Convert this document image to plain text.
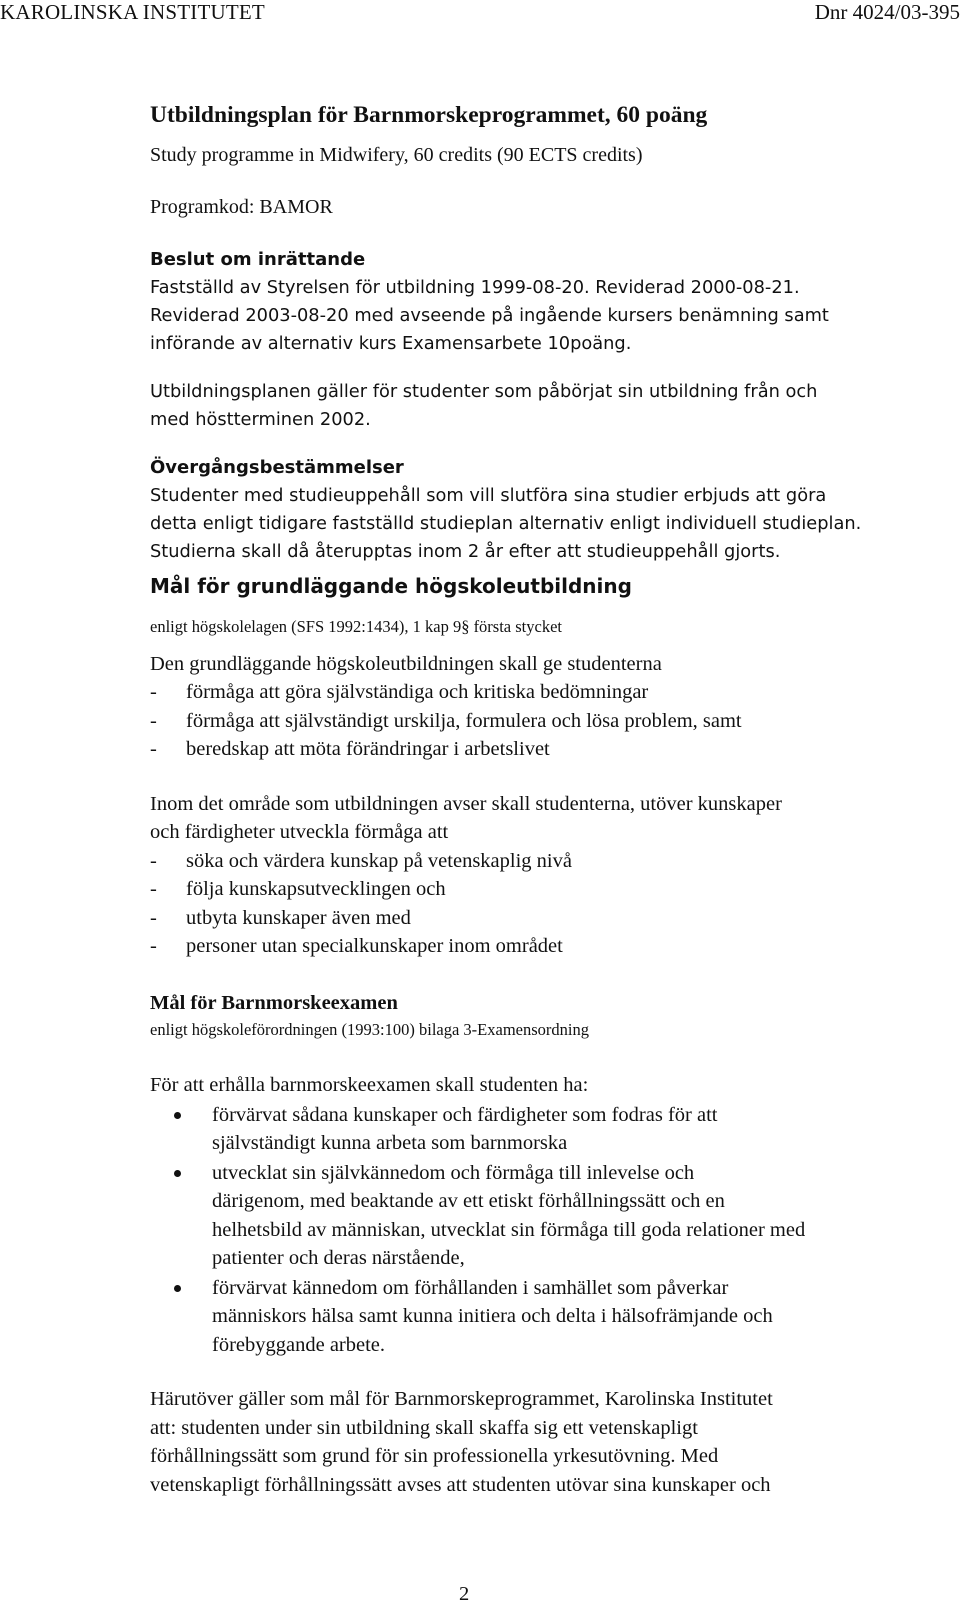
KAROLINSKA INSTITUTET	Dnr 4024/03-395
Utbildningsplan för Barnmorskeprogrammet, 60 poäng

Study programme in Midwifery, 60 credits (90 ECTS credits)

Programkod: BAMOR

Beslut om inrättande

Fastställd av Styrelsen för utbildning 1999-08-20. Reviderad 2000-08-21.

Reviderad 2003-08-20 med avseende på ingående kursers benämning samt

införande av alternativ kurs Examensarbete 10poäng.

Utbildningsplanen gäller för studenter som påbörjat sin utbildning från och

med höstterminen 2002.

Övergångsbestämmelser

Studenter med studieuppehåll som vill slutföra sina studier erbjuds att göra

detta enligt tidigare fastställd studieplan alternativ enligt individuell studieplan.

Studierna skall då återupptas inom 2 år efter att studieuppehåll gjorts.

Mål för grundläggande högskoleutbildning

enligt högskolelagen (SFS 1992:1434), 1 kap 9§ första stycket

Den grundläggande högskoleutbildningen skall ge studenterna

- förmåga att göra självständiga och kritiska bedömningar
- förmåga att självständigt urskilja, formulera och lösa problem, samt
- beredskap att möta förändringar i arbetslivet

Inom det område som utbildningen avser skall studenterna, utöver kunskaper

och färdigheter utveckla förmåga att

- söka och värdera kunskap på vetenskaplig nivå
- följa kunskapsutvecklingen och
- utbyta kunskaper även med
- personer utan specialkunskaper inom området
Mål för Barnmorskeexamen

enligt högskoleförordningen (1993:100) bilaga 3-Examensordning

För att erhålla barnmorskeexamen skall studenten ha:

förvärvat sådana kunskaper och färdigheter som fodras för att
självständigt kunna arbeta som barnmorska
utvecklat sin självkännedom och förmåga till inlevelse och
därigenom, med beaktande av ett etiskt förhållningssätt och en
helhetsbild av människan, utvecklat sin förmåga till goda relationer med
patienter och deras närstående,
förvärvat kännedom om förhållanden i samhället som påverkar
människors hälsa samt kunna initiera och delta i hälsofrämjande och
förebyggande arbete.

Härutöver gäller som mål för Barnmorskeprogrammet, Karolinska Institutet

att: studenten under sin utbildning skall skaffa sig ett vetenskapligt

förhållningssätt som grund för sin professionella yrkesutövning. Med

vetenskapligt förhållningssätt avses att studenten utövar sina kunskaper och

2
